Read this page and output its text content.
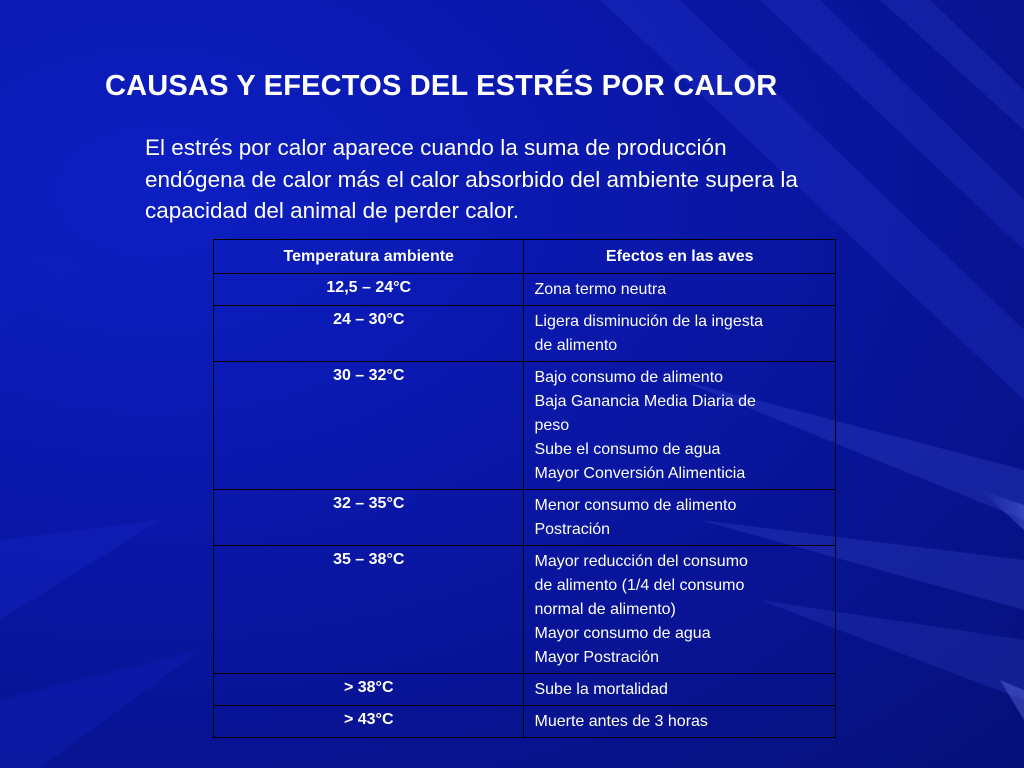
CAUSAS Y EFECTOS DEL ESTRÉS POR CALOR

El estrés por calor aparece cuando la suma de producción endógena de calor más el calor absorbido del ambiente supera la capacidad del animal de perder calor.

Temperatura ambiente	Efectos en las aves
12,5 – 24°C	Zona termo neutra

24 – 30°C	Ligera disminución de la ingesta
de alimento

30 – 32°C	Bajo consumo de alimento
Baja Ganancia Media Diaria de
peso
Sube el consumo de agua
Mayor Conversión Alimenticia

32 – 35°C	Menor consumo de alimento
Postración

35 – 38°C	Mayor reducción del consumo
de alimento (1/4 del consumo
normal de alimento)
Mayor consumo de agua
Mayor Postración

> 38°C	Sube la mortalidad

> 43°C	Muerte antes de 3 horas
